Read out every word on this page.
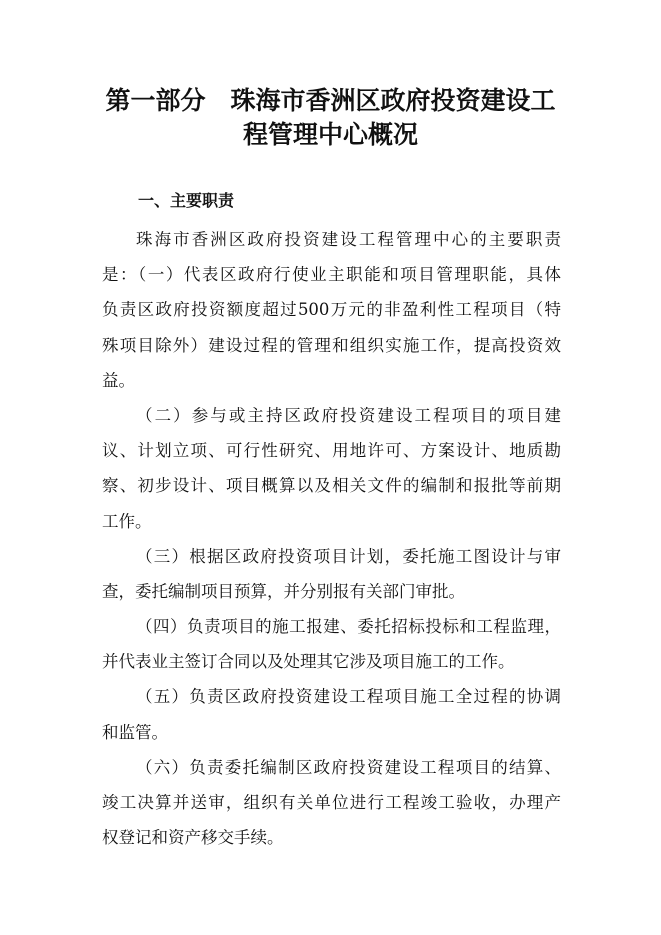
第一部分　珠海市香洲区政府投资建设工
程管理中心概况
一、主要职责
珠海市香洲区政府投资建设工程管理中心的主要职责
是：（一）代表区政府行使业主职能和项目管理职能，具体
负责区政府投资额度超过500万元的非盈利性工程项目（特
殊项目除外）建设过程的管理和组织实施工作，提高投资效
益。
（二）参与或主持区政府投资建设工程项目的项目建
议、计划立项、可行性研究、用地许可、方案设计、地质勘
察、初步设计、项目概算以及相关文件的编制和报批等前期
工作。
（三）根据区政府投资项目计划，委托施工图设计与审
查，委托编制项目预算，并分别报有关部门审批。
（四）负责项目的施工报建、委托招标投标和工程监理，
并代表业主签订合同以及处理其它涉及项目施工的工作。
（五）负责区政府投资建设工程项目施工全过程的协调
和监管。
（六）负责委托编制区政府投资建设工程项目的结算、
竣工决算并送审，组织有关单位进行工程竣工验收，办理产
权登记和资产移交手续。
